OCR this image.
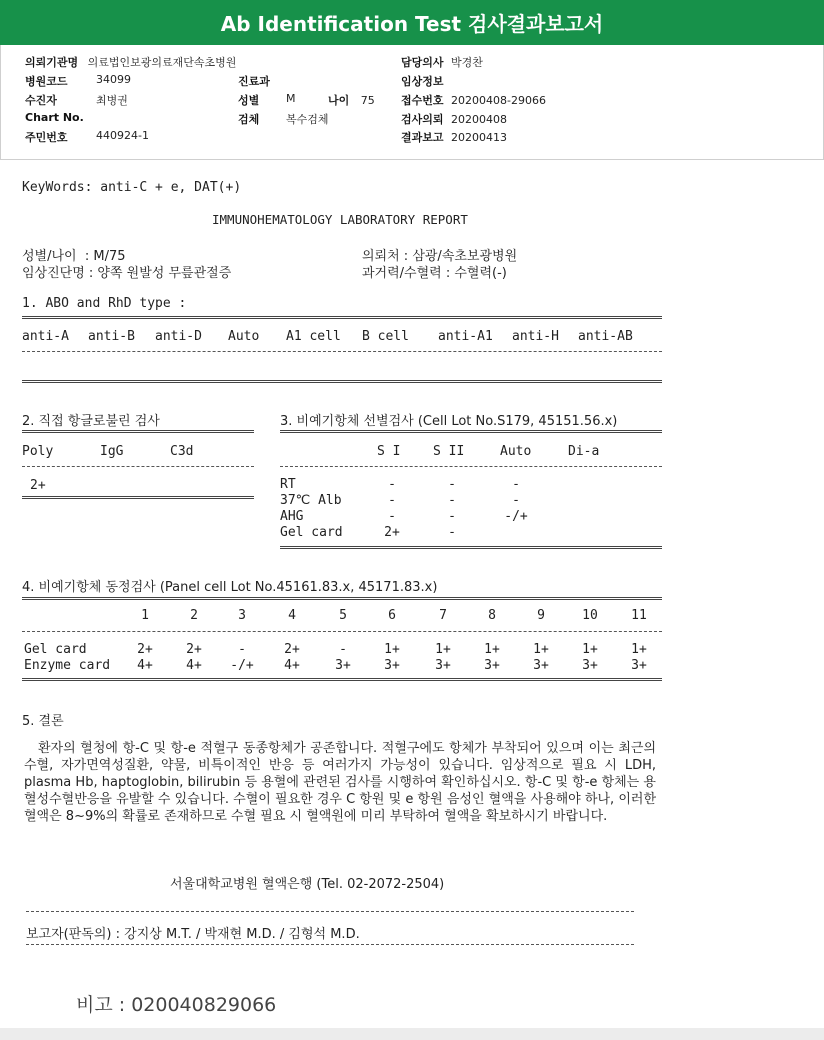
Ab Identification Test 검사결과보고서
의뢰기관명 의료법인보광의료재단속초병원	담당의사 박경찬
병원코드	34099	진료과	임상정보
수진자	최병권	성별 M	나이 75 접수번호 20200408-29066
Chart No.	검체 복수검체	검사의뢰 20200408
주민번호	440924-1	결과보고 20200413
KeyWords: anti-C + e, DAT(+)
IMMUNOHEMATOLOGY LABORATORY REPORT
성별/나이  : M/75
임상진단명 : 양쪽 원발성 무릎관절증
의뢰처 : 삼광/속초보광병원
과거력/수혈력 : 수혈력(-)
1. ABO and RhD type :
anti-A anti-B anti-D Auto A1 cell B cell anti-A1 anti-H anti-AB
2. 직접 항글로불린 검사
Poly	IgG	C3d
2+
3. 비예기항체 선별검사 (Cell Lot No.S179, 45151.56.x)
S I	S II	Auto	Di-a
RT	-	-	-
37℃ Alb	-	-	-
AHG	-	-	-/+
Gel card	2+	-
4. 비예기항체 동정검사 (Panel cell Lot No.45161.83.x, 45171.83.x)
1	2	3	4	5	6	7	8	9	10	11
Gel card	2+	2+	-	2+	-	1+	1+	1+	1+	1+	1+
Enzyme card	4+	4+	-/+	4+	3+	3+	3+	3+	3+	3+	3+
5. 결론
환자의 혈청에 항-C 및 항-e 적혈구 동종항체가 공존합니다. 적혈구에도 항체가 부착되어 있으며 이는 최근의 수혈, 자가면역성질환, 약물, 비특이적인 반응 등 여러가지 가능성이 있습니다. 임상적으로 필요 시 LDH, plasma Hb, haptoglobin, bilirubin 등 용혈에 관련된 검사를 시행하여 확인하십시오. 항-C 및 항-e 항체는 용혈성수혈반응을 유발할 수 있습니다. 수혈이 필요한 경우 C 항원 및 e 항원 음성인 혈액을 사용해야 하나, 이러한 혈액은 8~9%의 확률로 존재하므로 수혈 필요 시 혈액원에 미리 부탁하여 혈액을 확보하시기 바랍니다.
서울대학교병원 혈액은행 (Tel. 02-2072-2504)
보고자(판독의) : 강지상 M.T. / 박재현 M.D. / 김형석 M.D.
비고 : 020040829066
